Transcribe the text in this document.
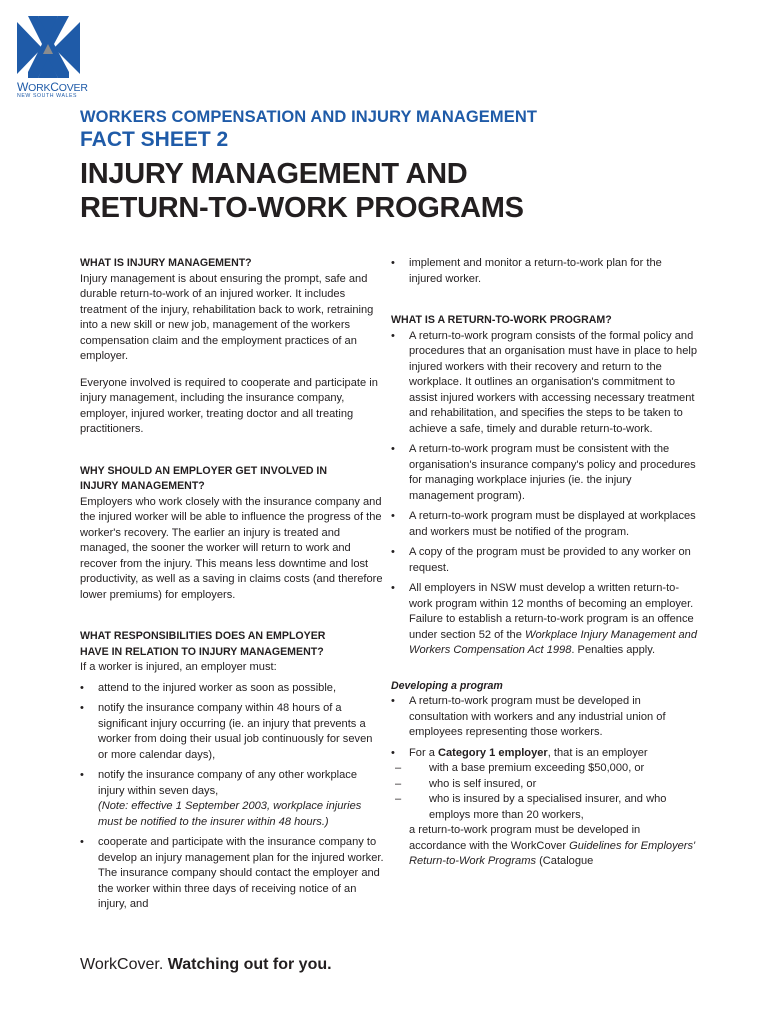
WORKCOVER
NEW SOUTH WALES
WORKERS COMPENSATION AND INJURY MANAGEMENT
FACT SHEET 2
INJURY MANAGEMENT AND
RETURN-TO-WORK PROGRAMS

WHAT IS INJURY MANAGEMENT?

Injury management is about ensuring the prompt, safe and durable return-to-work of an injured worker. It includes treatment of the injury, rehabilitation back to work, retraining into a new skill or new job, management of the workers compensation claim and the employment practices of an employer.

Everyone involved is required to cooperate and participate in injury management, including the insurance company, employer, injured worker, treating doctor and all treating practitioners.

WHY SHOULD AN EMPLOYER GET INVOLVED IN
INJURY MANAGEMENT?

Employers who work closely with the insurance company and the injured worker will be able to influence the progress of the worker's recovery. The earlier an injury is treated and managed, the sooner the worker will return to work and recover from the injury. This means less downtime and lost productivity, as well as a saving in claims costs (and therefore lower premiums) for employers.

WHAT RESPONSIBILITIES DOES AN EMPLOYER
HAVE IN RELATION TO INJURY MANAGEMENT?

If a worker is injured, an employer must:

• attend to the injured worker as soon as possible,

• notify the insurance company within 48 hours of a significant injury occurring (ie. an injury that prevents a worker from doing their usual job continuously for seven or more calendar days),

• notify the insurance company of any other workplace injury within seven days,
(Note: effective 1 September 2003, workplace injuries must be notified to the insurer within 48 hours.)

• cooperate and participate with the insurance company to develop an injury management plan for the injured worker. The insurance company should contact the employer and the worker within three days of receiving notice of an injury, and

• implement and monitor a return-to-work plan for the injured worker.

WHAT IS A RETURN-TO-WORK PROGRAM?

• A return-to-work program consists of the formal policy and procedures that an organisation must have in place to help injured workers with their recovery and return to the workplace. It outlines an organisation's commitment to assist injured workers with accessing necessary treatment and rehabilitation, and specifies the steps to be taken to achieve a safe, timely and durable return-to-work.

• A return-to-work program must be consistent with the organisation's insurance company's policy and procedures for managing workplace injuries (ie. the injury management program).

• A return-to-work program must be displayed at workplaces and workers must be notified of the program.

• A copy of the program must be provided to any worker on request.

• All employers in NSW must develop a written return-to-work program within 12 months of becoming an employer. Failure to establish a return-to-work program is an offence under section 52 of the Workplace Injury Management and Workers Compensation Act 1998. Penalties apply.

Developing a program

• A return-to-work program must be developed in consultation with workers and any industrial union of employees representing those workers.

• For a Category 1 employer, that is an employer

– with a base premium exceeding $50,000, or

– who is self insured, or

– who is insured by a specialised insurer, and who employs more than 20 workers,

a return-to-work program must be developed in accordance with the WorkCover Guidelines for Employers' Return-to-Work Programs (Catalogue

WorkCover. Watching out for you.
